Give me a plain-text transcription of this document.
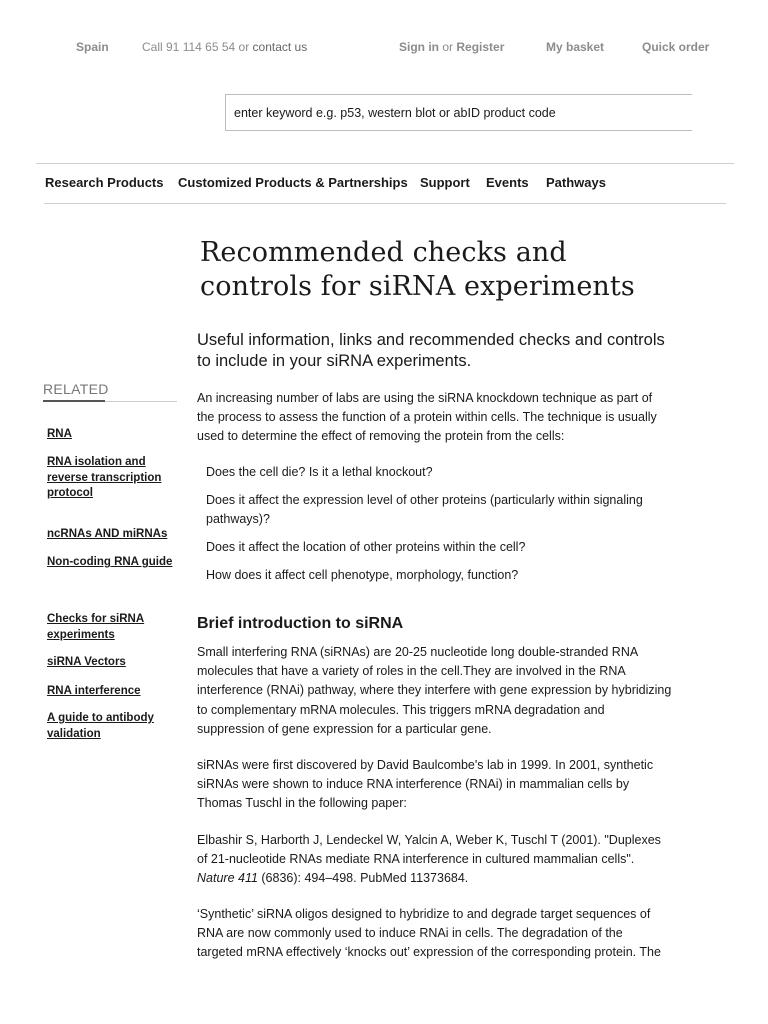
Spain	Call 91 114 65 54 or contact us	Sign in or Register	My basket	Quick order
enter keyword e.g. p53, western blot or abID product code
Research Products Customized Products & Partnerships Support Events Pathways
Recommended checks and
controls for siRNA experiments
Useful information, links and recommended checks and controls to include in your siRNA experiments.
RELATED
RNA
RNA isolation and reverse transcription protocol
ncRNAs AND miRNAs
Non-coding RNA guide
Checks for siRNA experiments
siRNA Vectors
RNA interference
A guide to antibody validation
An increasing number of labs are using the siRNA knockdown technique as part of the process to assess the function of a protein within cells. The technique is usually used to determine the effect of removing the protein from the cells:
Does the cell die? Is it a lethal knockout?
Does it affect the expression level of other proteins (particularly within signaling pathways)?
Does it affect the location of other proteins within the cell?
How does it affect cell phenotype, morphology, function?
Brief introduction to siRNA
Small interfering RNA (siRNAs) are 20-25 nucleotide long double-stranded RNA molecules that have a variety of roles in the cell.They are involved in the RNA interference (RNAi) pathway, where they interfere with gene expression by hybridizing to complementary mRNA molecules. This triggers mRNA degradation and suppression of gene expression for a particular gene.
siRNAs were first discovered by David Baulcombe's lab in 1999. In 2001, synthetic siRNAs were shown to induce RNA interference (RNAi) in mammalian cells by Thomas Tuschl in the following paper:
Elbashir S, Harborth J, Lendeckel W, Yalcin A, Weber K, Tuschl T (2001). "Duplexes of 21-nucleotide RNAs mediate RNA interference in cultured mammalian cells". Nature 411 (6836): 494–498. PubMed 11373684.
‘Synthetic’ siRNA oligos designed to hybridize to and degrade target sequences of RNA are now commonly used to induce RNAi in cells. The degradation of the targeted mRNA effectively ‘knocks out’ expression of the corresponding protein. The
